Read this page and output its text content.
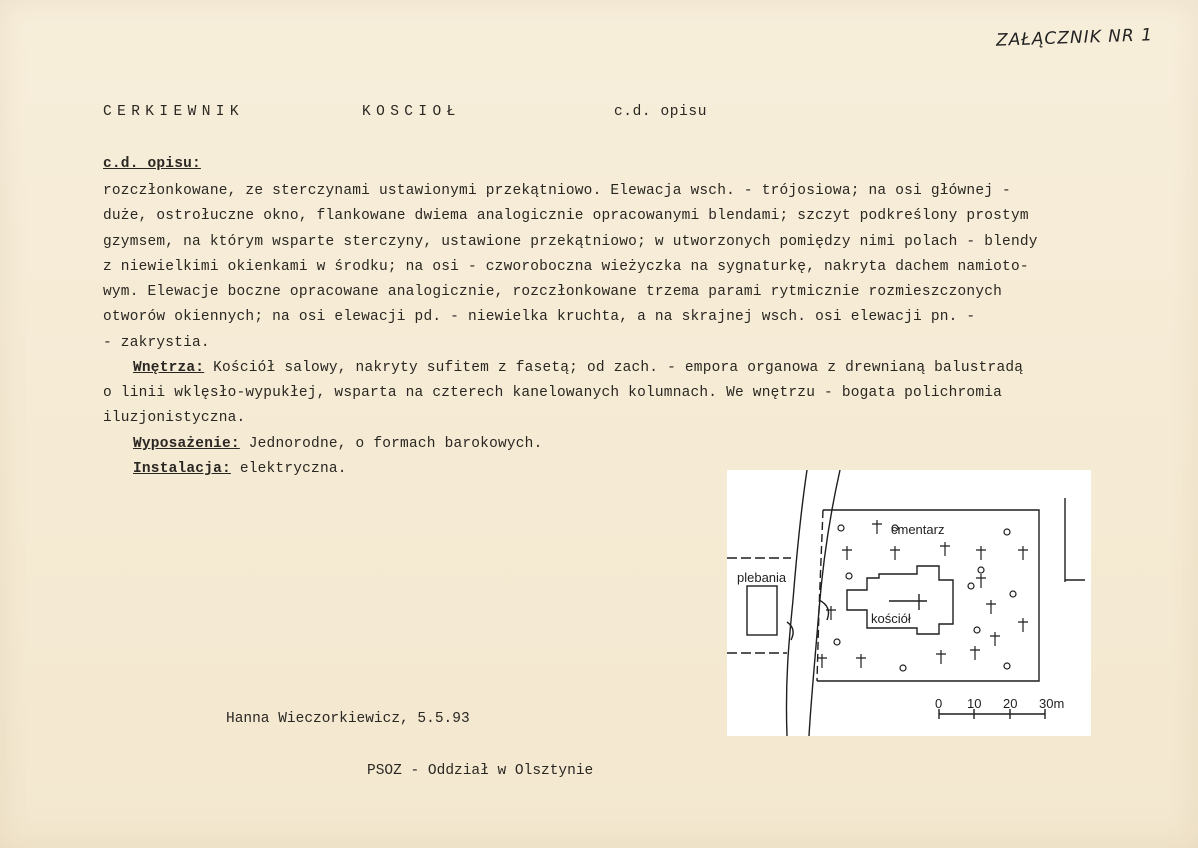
ZAŁĄCZNIK NR 1
CERKIEWNIK	KOSCIOŁ	c.d. opisu
c.d. opisu:
rozczłonkowane, ze sterczynami ustawionymi przekątniowo. Elewacja wsch. - trójosiowa; na osi głównej -
duże, ostrołuczne okno, flankowane dwiema analogicznie opracowanymi blendami; szczyt podkreślony prostym
gzymsem, na którym wsparte sterczyny, ustawione przekątniowo; w utworzonych pomiędzy nimi polach - blendy
z niewielkimi okienkami w środku; na osi - czworoboczna wieżyczka na sygnaturkę, nakryta dachem namioto-
wym. Elewacje boczne opracowane analogicznie, rozczłonkowane trzema parami rytmicznie rozmieszczonych
otworów okiennych; na osi elewacji pd. - niewielka kruchta, a na skrajnej wsch. osi elewacji pn. -
- zakrystia.
Wnętrza: Kościół salowy, nakryty sufitem z fasetą; od zach. - empora organowa z drewnianą balustradą
o linii wklęsło-wypukłej, wsparta na czterech kanelowanych kolumnach. We wnętrzu - bogata polichromia
iluzjonistyczna.
Wyposażenie: Jednorodne, o formach barokowych.
Instalacja: elektryczna.
Hanna Wieczorkiewicz, 5.5.93
PSOZ - Oddział w Olsztynie
cmentarz
plebania
kościół
0 10 20 30m
